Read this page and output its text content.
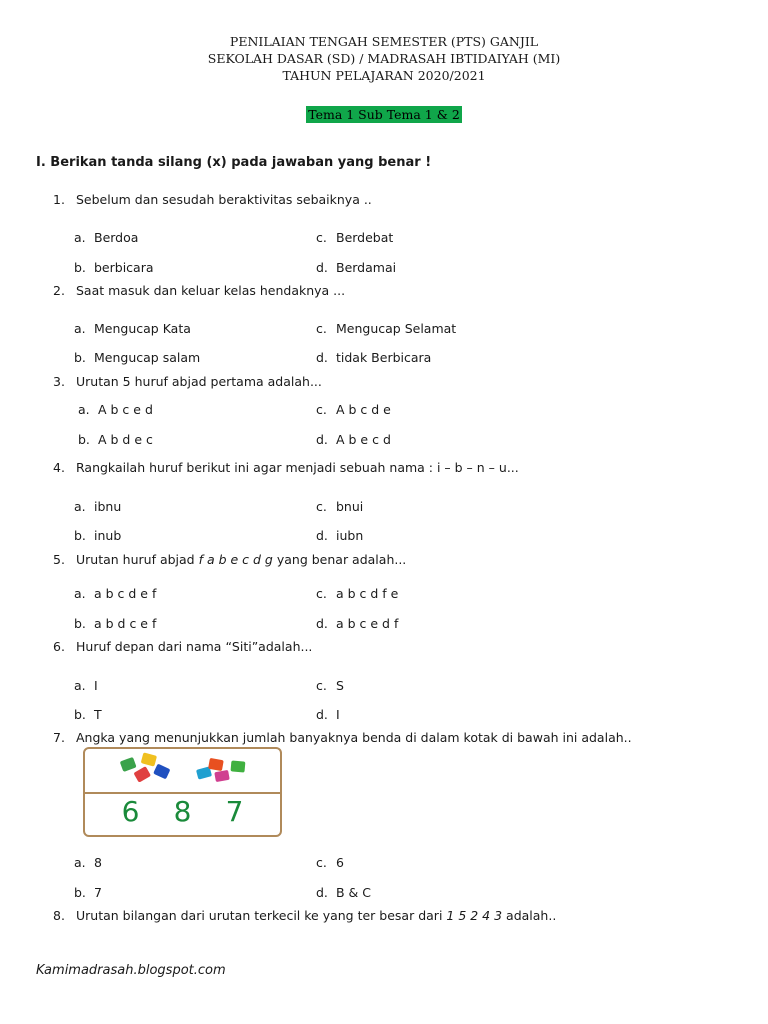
PENILAIAN TENGAH SEMESTER (PTS) GANJIL
SEKOLAH DASAR (SD) / MADRASAH IBTIDAIYAH (MI)
TAHUN PELAJARAN 2020/2021
Tema 1 Sub Tema 1 & 2
I. Berikan tanda silang (x) pada jawaban yang benar !
1. Sebelum dan sesudah beraktivitas sebaiknya ..
a. Berdoa	c. Berdebat
b. berbicara	d. Berdamai
2. Saat masuk dan keluar kelas hendaknya ...
a. Mengucap Kata	c. Mengucap Selamat
b. Mengucap salam	d. tidak Berbicara
3. Urutan 5 huruf abjad pertama adalah...
a. A b c e d	c. A b c d e
b. A b d e c	d. A b e c d
4. Rangkailah huruf berikut ini agar menjadi sebuah nama : i – b – n – u...
a. ibnu	c. bnui
b. inub	d. iubn
5. Urutan huruf abjad f a b e c d g yang benar adalah...
a. a b c d e f	c. a b c d f e
b. a b d c e f	d. a b c e d f
6. Huruf depan dari nama “Siti”adalah...
a. I	c. S
b. T	d. I
7. Angka yang menunjukkan jumlah banyaknya benda di dalam kotak di bawah ini adalah..
6 8 7
a. 8	c. 6
b. 7	d. B & C
8. Urutan bilangan dari urutan terkecil ke yang ter besar dari 1 5 2 4 3 adalah..
Kamimadrasah.blogspot.com
